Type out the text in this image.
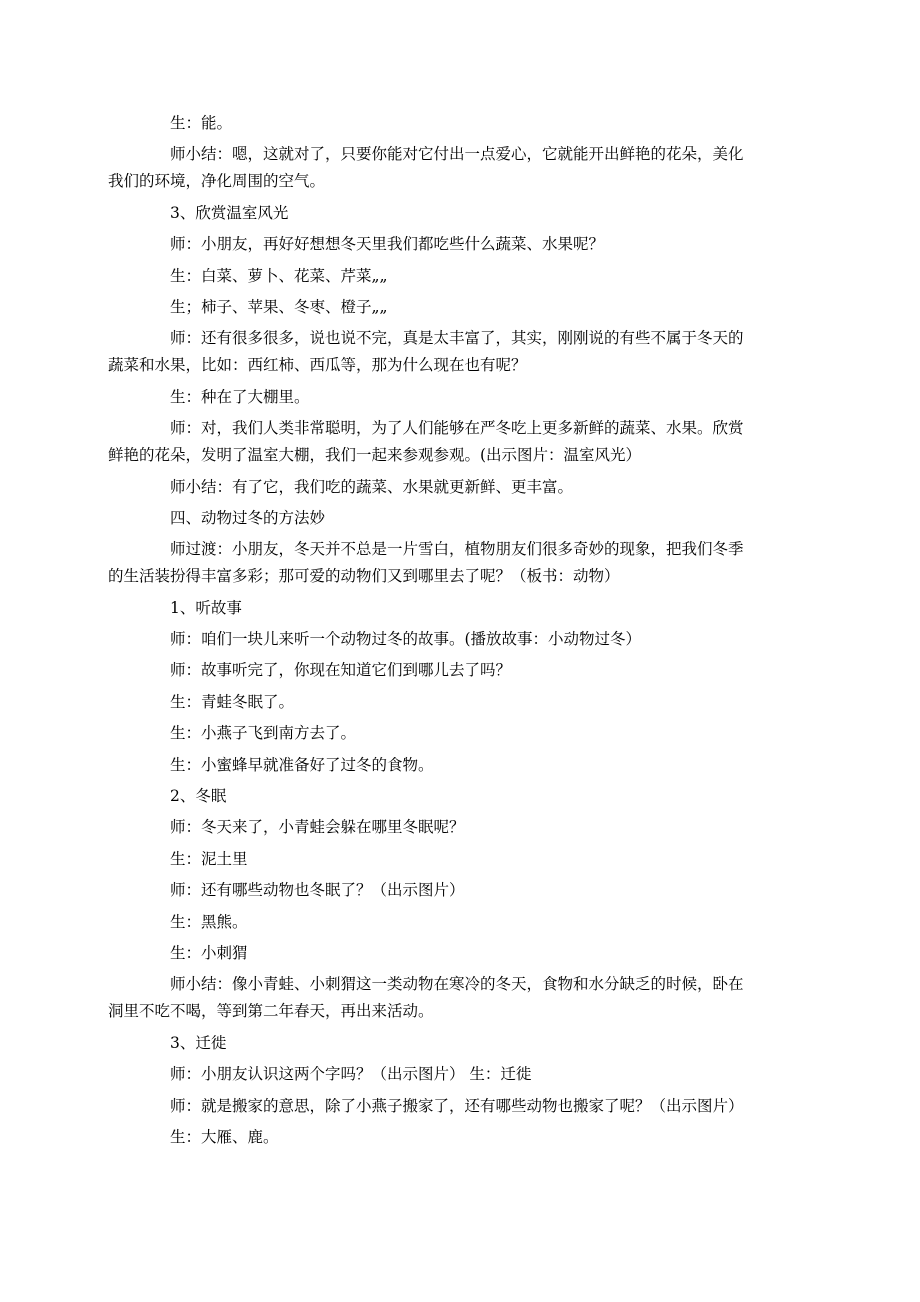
生：能。
师小结：嗯，这就对了，只要你能对它付出一点爱心，它就能开出鲜艳的花朵，美化
我们的环境，净化周围的空气。
3、欣赏温室风光
师：小朋友，再好好想想冬天里我们都吃些什么蔬菜、水果呢？
生：白菜、萝卜、花菜、芹菜„„
生；柿子、苹果、冬枣、橙子„„
师：还有很多很多，说也说不完，真是太丰富了，其实，刚刚说的有些不属于冬天的
蔬菜和水果，比如：西红柿、西瓜等，那为什么现在也有呢？
生：种在了大棚里。
师：对，我们人类非常聪明，为了人们能够在严冬吃上更多新鲜的蔬菜、水果。欣赏
鲜艳的花朵，发明了温室大棚，我们一起来参观参观。(出示图片：温室风光）
师小结：有了它，我们吃的蔬菜、水果就更新鲜、更丰富。
四、动物过冬的方法妙
师过渡：小朋友，冬天并不总是一片雪白，植物朋友们很多奇妙的现象，把我们冬季
的生活装扮得丰富多彩；那可爱的动物们又到哪里去了呢？（板书：动物）
1、听故事
师：咱们一块儿来听一个动物过冬的故事。(播放故事：小动物过冬）
师：故事听完了，你现在知道它们到哪儿去了吗？
生：青蛙冬眠了。
生：小燕子飞到南方去了。
生：小蜜蜂早就准备好了过冬的食物。
2、冬眠
师：冬天来了，小青蛙会躲在哪里冬眠呢？
生：泥土里
师：还有哪些动物也冬眠了？（出示图片）
生：黑熊。
生：小刺猬
师小结：像小青蛙、小刺猬这一类动物在寒冷的冬天，食物和水分缺乏的时候，卧在
洞里不吃不喝，等到第二年春天，再出来活动。
3、迁徙
师：小朋友认识这两个字吗？（出示图片） 生：迁徙
师：就是搬家的意思，除了小燕子搬家了，还有哪些动物也搬家了呢？（出示图片）
生：大雁、鹿。
